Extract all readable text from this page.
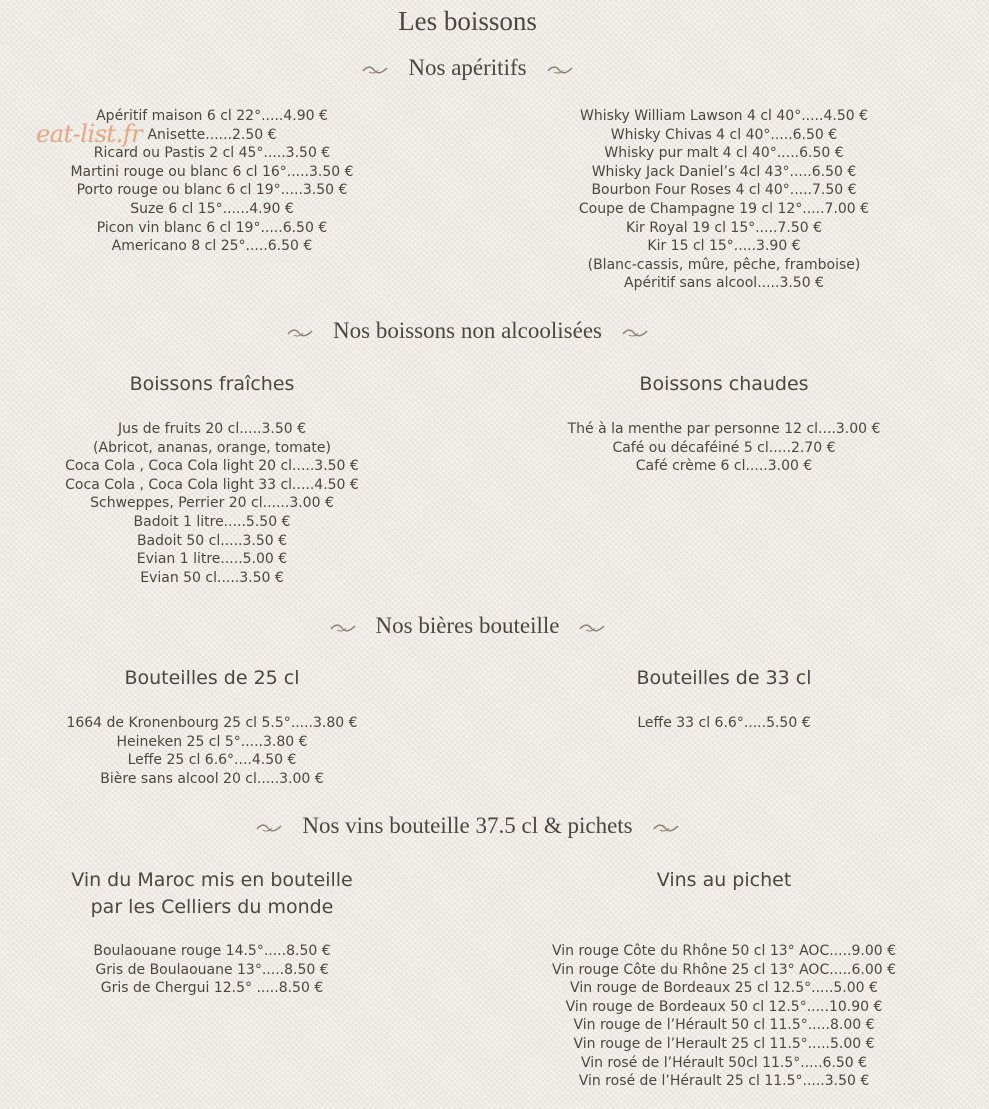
Les boissons
eat-list.fr
Nos apéritifs
Apéritif maison 6 cl 22°.....4.90 €
Anisette......2.50 €
Ricard ou Pastis 2 cl 45°.....3.50 €
Martini rouge ou blanc 6 cl 16°.....3.50 €
Porto rouge ou blanc 6 cl 19°.....3.50 €
Suze 6 cl 15°......4.90 €
Picon vin blanc 6 cl 19°.....6.50 €
Americano 8 cl 25°.....6.50 €
Whisky William Lawson 4 cl 40°.....4.50 €
Whisky Chivas 4 cl 40°.....6.50 €
Whisky pur malt 4 cl 40°.....6.50 €
Whisky Jack Daniel’s 4cl 43°.....6.50 €
Bourbon Four Roses 4 cl 40°.....7.50 €
Coupe de Champagne 19 cl 12°.....7.00 €
Kir Royal 19 cl 15°.....7.50 €
Kir 15 cl 15°.....3.90 €
(Blanc-cassis, mûre, pêche, framboise)
Apéritif sans alcool.....3.50 €
Nos boissons non alcoolisées
Boissons fraîches	Boissons chaudes
Jus de fruits 20 cl.....3.50 €
(Abricot, ananas, orange, tomate)
Coca Cola , Coca Cola light 20 cl.....3.50 €
Coca Cola , Coca Cola light 33 cl.....4.50 €
Schweppes, Perrier 20 cl......3.00 €
Badoit 1 litre.....5.50 €
Badoit 50 cl.....3.50 €
Evian 1 litre.....5.00 €
Evian 50 cl.....3.50 €
Thé à la menthe par personne 12 cl....3.00 €
Café ou décaféiné 5 cl.....2.70 €
Café crème 6 cl.....3.00 €
Nos bières bouteille
Bouteilles de 25 cl	Bouteilles de 33 cl
1664 de Kronenbourg 25 cl 5.5°.....3.80 €
Heineken 25 cl 5°.....3.80 €
Leffe 25 cl 6.6°....4.50 €
Bière sans alcool 20 cl.....3.00 €
Leffe 33 cl 6.6°.....5.50 €
Nos vins bouteille 37.5 cl & pichets
Vin du Maroc mis en bouteille
par les Celliers du monde
Vins au pichet
Boulaouane rouge 14.5°.....8.50 €
Gris de Boulaouane 13°.....8.50 €
Gris de Chergui 12.5° .....8.50 €
Vin rouge Côte du Rhône 50 cl 13° AOC.....9.00 €
Vin rouge Côte du Rhône 25 cl 13° AOC.....6.00 €
Vin rouge de Bordeaux 25 cl 12.5°.....5.00 €
Vin rouge de Bordeaux 50 cl 12.5°.....10.90 €
Vin rouge de l’Hérault 50 cl 11.5°.....8.00 €
Vin rouge de l’Herault 25 cl 11.5°.....5.00 €
Vin rosé de l’Hérault 50cl 11.5°.....6.50 €
Vin rosé de l’Hérault 25 cl 11.5°.....3.50 €
